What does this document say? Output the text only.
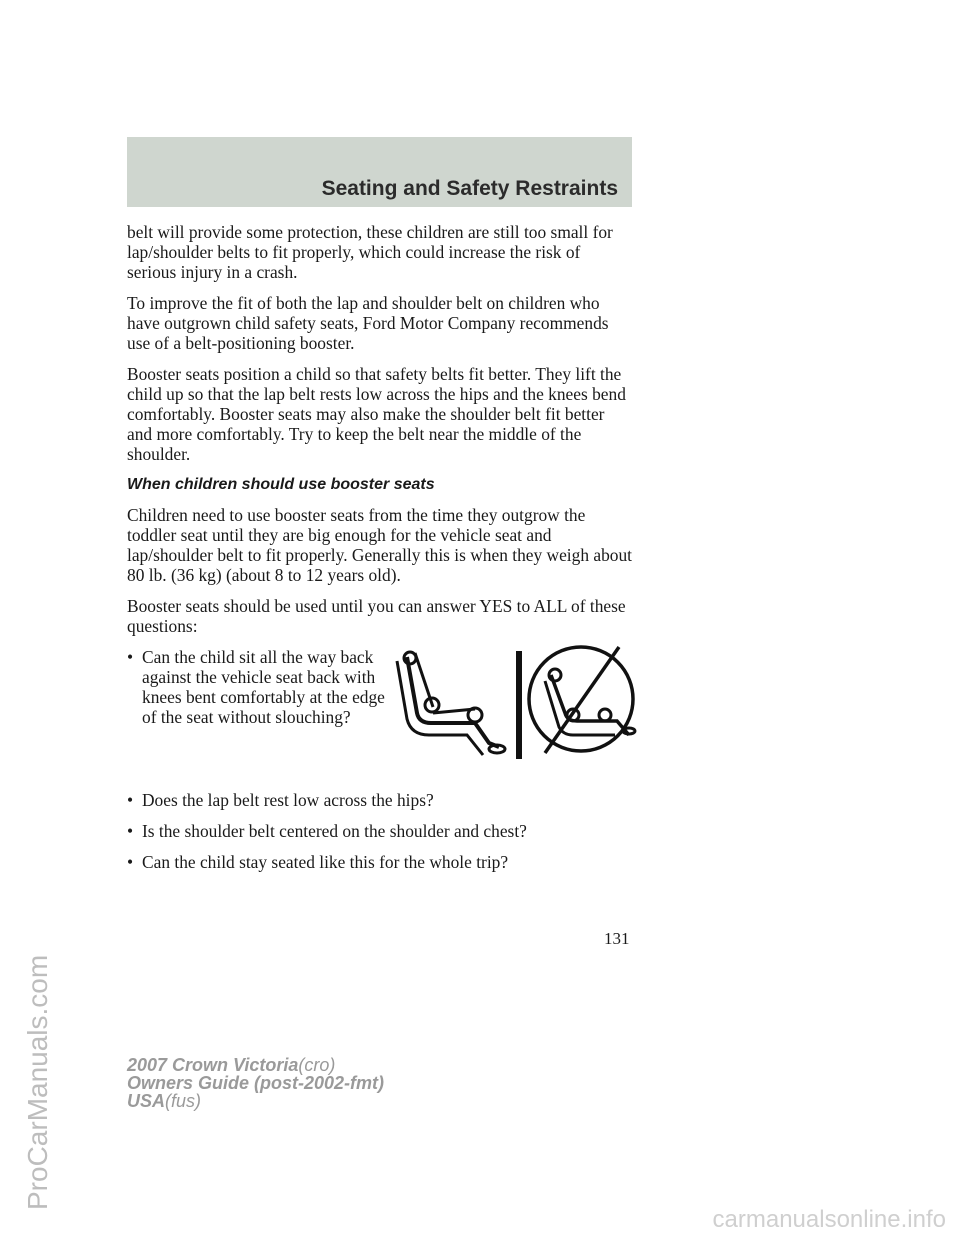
Seating and Safety Restraints

belt will provide some protection, these children are still too small for lap/shoulder belts to fit properly, which could increase the risk of serious injury in a crash.

To improve the fit of both the lap and shoulder belt on children who have outgrown child safety seats, Ford Motor Company recommends use of a belt-positioning booster.

Booster seats position a child so that safety belts fit better. They lift the child up so that the lap belt rests low across the hips and the knees bend comfortably. Booster seats may also make the shoulder belt fit better and more comfortably. Try to keep the belt near the middle of the shoulder.

When children should use booster seats

Children need to use booster seats from the time they outgrow the toddler seat until they are big enough for the vehicle seat and lap/shoulder belt to fit properly. Generally this is when they weigh about 80 lb. (36 kg) (about 8 to 12 years old).

Booster seats should be used until you can answer YES to ALL of these questions:

• Can the child sit all the way back against the vehicle seat back with knees bent comfortably at the edge of the seat without slouching?
• Does the lap belt rest low across the hips?
• Is the shoulder belt centered on the shoulder and chest?
• Can the child stay seated like this for the whole trip?
131
2007 Crown Victoria(cro)
Owners Guide (post-2002-fmt)
USA(fus)
ProCarManuals.com
carmanualsonline.info
